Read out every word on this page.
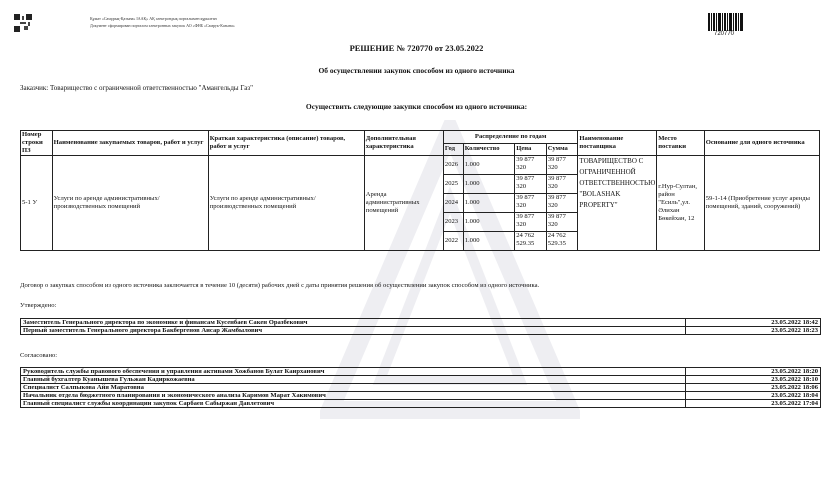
Құжат «Самұрық-Қазына» ІААҚ» АҚ электрондық порталымен құрылған
Документ сформирован порталом электронных закупок АО «ФНБ «Самрук-Казына»
720770
РЕШЕНИЕ № 720770 от 23.05.2022
Об осуществлении закупок способом из одного источника
Заказчик: Товарищество с ограниченной ответственностью "Амангельды Газ"
Осуществить следующие закупки способом из одного источника:
Номер строки ПЗ	Наименование закупаемых товаров, работ и услуг	Краткая характеристика (описание) товаров, работ и услуг	Дополнительная характеристика	Распределение по годам				Наименование поставщика	Место поставки	Основание для одного источника
				Год	Количество	Цена	Сумма			
5-1 У	Услуги по аренде административных/производственных помещений	Услуги по аренде административных/производственных помещений	Аренда административных помещений	2026	1.000	39 877 320	39 877 320	ТОВАРИЩЕСТВО С ОГРАНИЧЕННОЙ ОТВЕТСТВЕННОСТЬЮ "BOLASHAK PROPERTY"	г.Нур-Султан, район "Есиль",ул. Әлихан Бөкейхан, 12	59-1-14 (Приобретение услуг аренды помещений, зданий, сооружений)
				2025	1.000	39 877 320	39 877 320			
				2024	1.000	39 877 320	39 877 320			
				2023	1.000	39 877 320	39 877 320			
				2022	1.000	24 762 529.35	24 762 529.35			
Договор о закупках способом из одного источника заключается в течение 10 (десяти) рабочих дней с даты принятия решения об осуществлении закупок способом из одного источника.
Утверждено:
Заместитель Генерального директора по экономике и финансам Кусенбаев Сакен Оразбекович	23.05.2022 18:42
Первый заместитель Генерального директора Бакбергенов Аисар Жамбылович	23.05.2022 18:23
Согласовано:
Руководитель службы правового обеспечения и управления активами Хожбанов Булат Каирханович	23.05.2022 18:20
Главный бухгалтер Куанышева Гульжан Кадиркожаевна	23.05.2022 18:10
Специалист Салпыкова Айя Маратовна	23.05.2022 18:06
Начальник отдела бюджетного планирования и экономического анализа Каримов Марат Хакимович	23.05.2022 18:04
Главный специалист службы координации закупок Сарбаев Сабыржан Давлетович	23.05.2022 17:04
